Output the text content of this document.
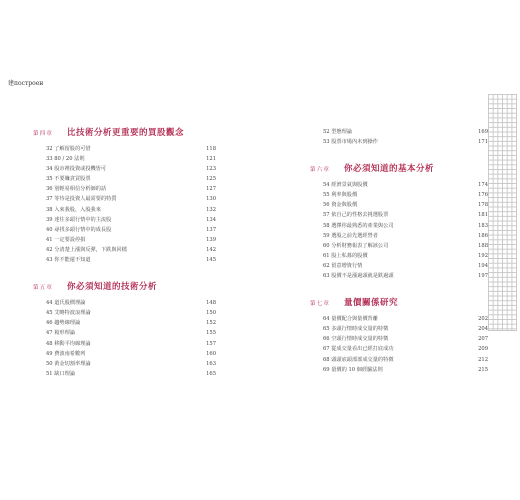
建построен
第四章	比技術分析更重要的買股觀念
32 了解留股的可惜	118
33 80 / 20 法則	121
34 股市裡投資或投機皆可	123
35 不要賺貪買股票	125
36 別輕易相信分析師的話	127
37 等待是投資人最需要的特質	130
38 入來我股，入股我來	132
39 達往多頭行情中的主流股	134
40 尋找多頭行情中的成長股	137
41 一定要設停損	139
42 分清楚上漲與反彈，下跌與回檔	142
43 你不能還不知道	145
第五章	你必須知道的技術分析
44 道氏股價理論	148
45 艾略特波浪理論	150
46 趨勢線理論	152
47 箱形理論	155
48 移動平均線理論	157
49 費波南希數列	160
50 黃金切割率理論	163
51 缺口理論	165
52 型態理論	169
53 股票市場內未到操作	171
第六章	你必須知道的基本分析
54 經濟景氣與股價	174
55 利率與股價	176
56 資金與股價	178
57 依自己的性格去挑選股票	181
58 選擇你最熟悉的產業與公司	183
59 選股之前先選經營者	186
60 分析財務報表了解該公司	188
61 股上私募的股價	192
62 留意增資行情	194
63 股價不是漲過頭就是跌過頭	197
第七章	量價關係研究
64 量價配合與量價背離	202
65 多頭行情時成交量的特徵	204
66 空頭行情時成交量的特徵	207
67 從成交量看出已經打底成功	209
68 頭頭底頭部部成交量的特徵	212
69 量價的 10 個經驗法則	215
